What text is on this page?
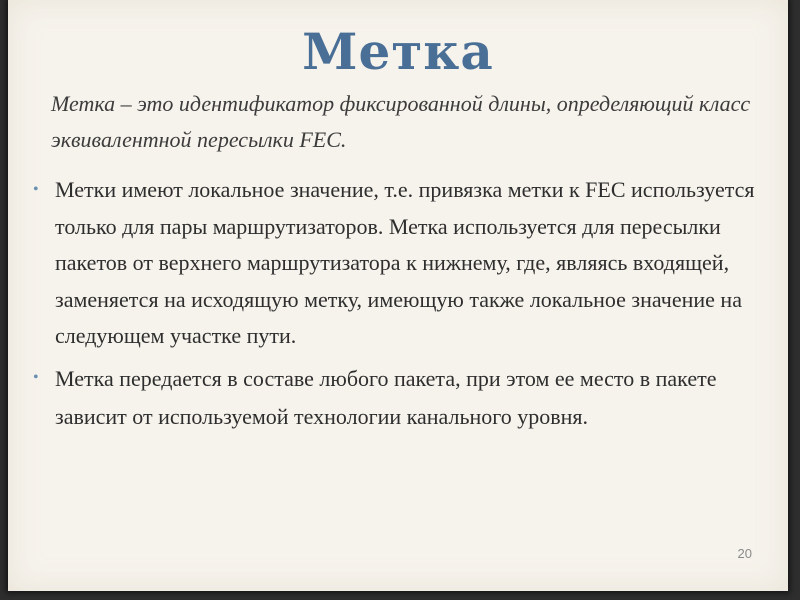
Метка

Метка – это идентификатор фиксированной длины, определяющий класс эквивалентной пересылки FEC.

• Метки имеют локальное значение, т.е. привязка метки к FEC используется только для пары маршрутизаторов. Метка используется для пересылки пакетов от верхнего маршрутизатора к нижнему, где, являясь входящей, заменяется на исходящую метку, имеющую также локальное значение на следующем участке пути.
• Метка передается в составе любого пакета, при этом ее место в пакете зависит от используемой технологии канального уровня.
20
